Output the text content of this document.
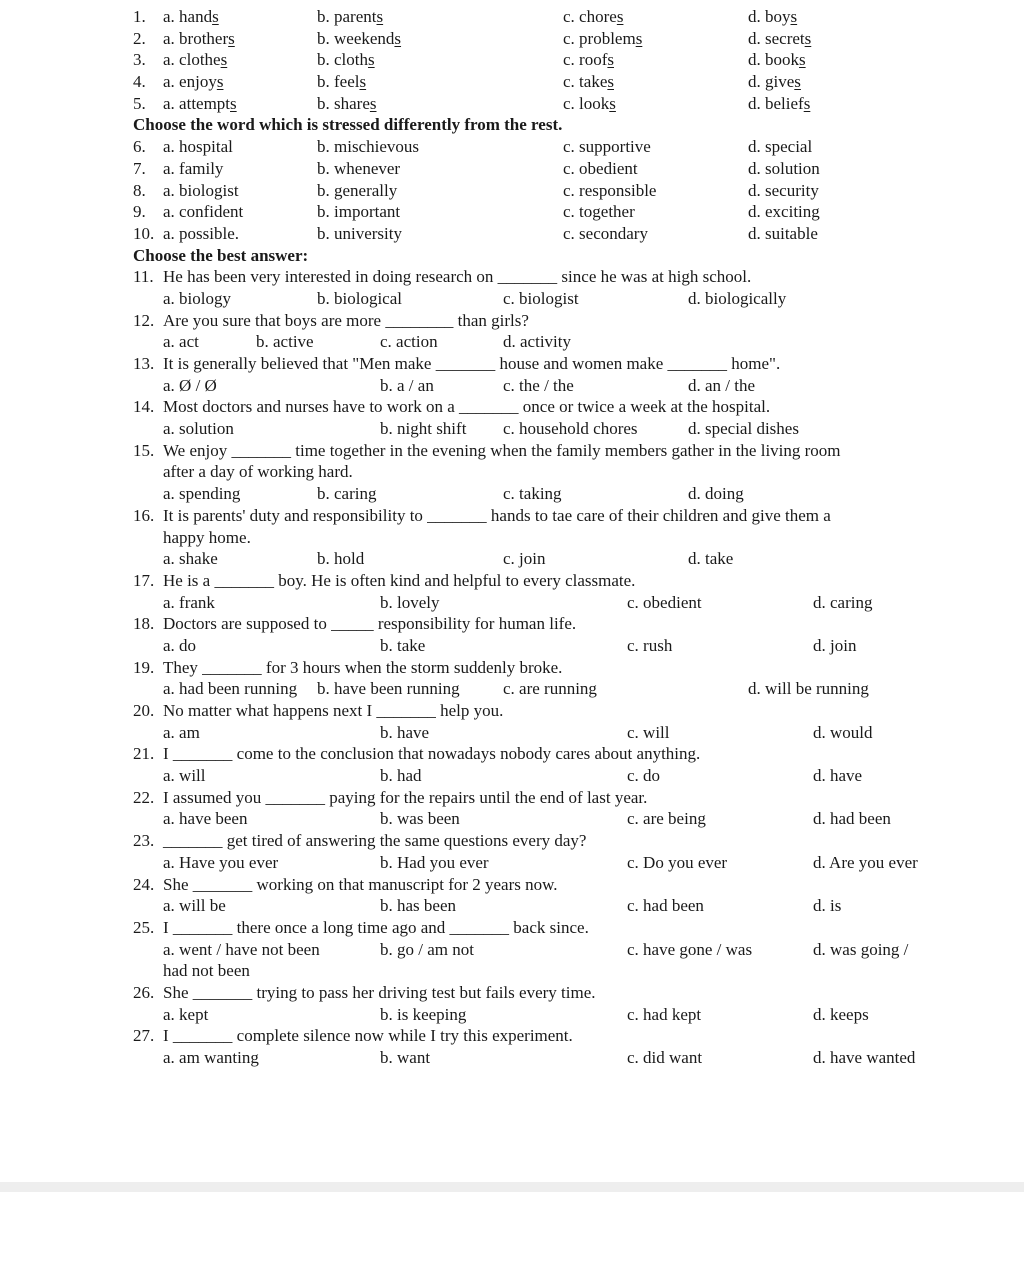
1. a. hands	b. parents	c. chores	d. boys
2. a. brothers	b. weekends	c. problems	d. secrets
3. a. clothes	b. cloths	c. roofs	d. books
4. a. enjoys	b. feels	c. takes	d. gives
5. a. attempts	b. shares	c. looks	d. beliefs
Choose the word which is stressed differently from the rest.
6. a. hospital	b. mischievous	c. supportive	d. special
7. a. family	b. whenever	c. obedient	d. solution
8. a. biologist	b. generally	c. responsible	d. security
9. a. confident	b. important	c. together	d. exciting
10. a. possible.	b. university	c. secondary	d. suitable
Choose the best answer:
11. He has been very interested in doing research on _______ since he was at high school.
a. biology	b. biological	c. biologist	d. biologically
12. Are you sure that boys are more ________ than girls?
a. act	b. active	c. action	d. activity
13. It is generally believed that "Men make _______ house and women make _______ home".
a. Ø / Ø	b. a / an	c. the / the	d. an / the
14. Most doctors and nurses have to work on a _______ once or twice a week at the hospital.
a. solution	b. night shift c. household chores	d. special dishes
15. We enjoy _______ time together in the evening when the family members gather in the living room
after a day of working hard.
a. spending	b. caring	c. taking	d. doing
16. It is parents' duty and responsibility to _______ hands to tae care of their children and give them a
happy home.
a. shake	b. hold	c. join	d. take
17. He is a _______ boy. He is often kind and helpful to every classmate.
a. frank	b. lovely	c. obedient	d. caring
18. Doctors are supposed to _____ responsibility for human life.
a. do	b. take	c. rush	d. join
19. They _______ for 3 hours when the storm suddenly broke.
a. had been running b. have been running	c. are running	d. will be running
20. No matter what happens next I _______ help you.
a. am	b. have	c. will	d. would
21. I _______ come to the conclusion that nowadays nobody cares about anything.
a. will	b. had	c. do	d. have
22. I assumed you _______ paying for the repairs until the end of last year.
a. have been	b. was been	c. are being	d. had been
23. _______ get tired of answering the same questions every day?
a. Have you ever	b. Had you ever	c. Do you ever	d. Are you ever
24. She _______ working on that manuscript for 2 years now.
a. will be	b. has been	c. had been	d. is
25. I _______ there once a long time ago and _______ back since.
a. went / have not been	b. go / am not	c. have gone / was	d. was going /
had not been
26. She _______ trying to pass her driving test but fails every time.
a. kept	b. is keeping	c. had kept	d. keeps
27. I _______ complete silence now while I try this experiment.
a. am wanting	b. want	c. did want	d. have wanted
